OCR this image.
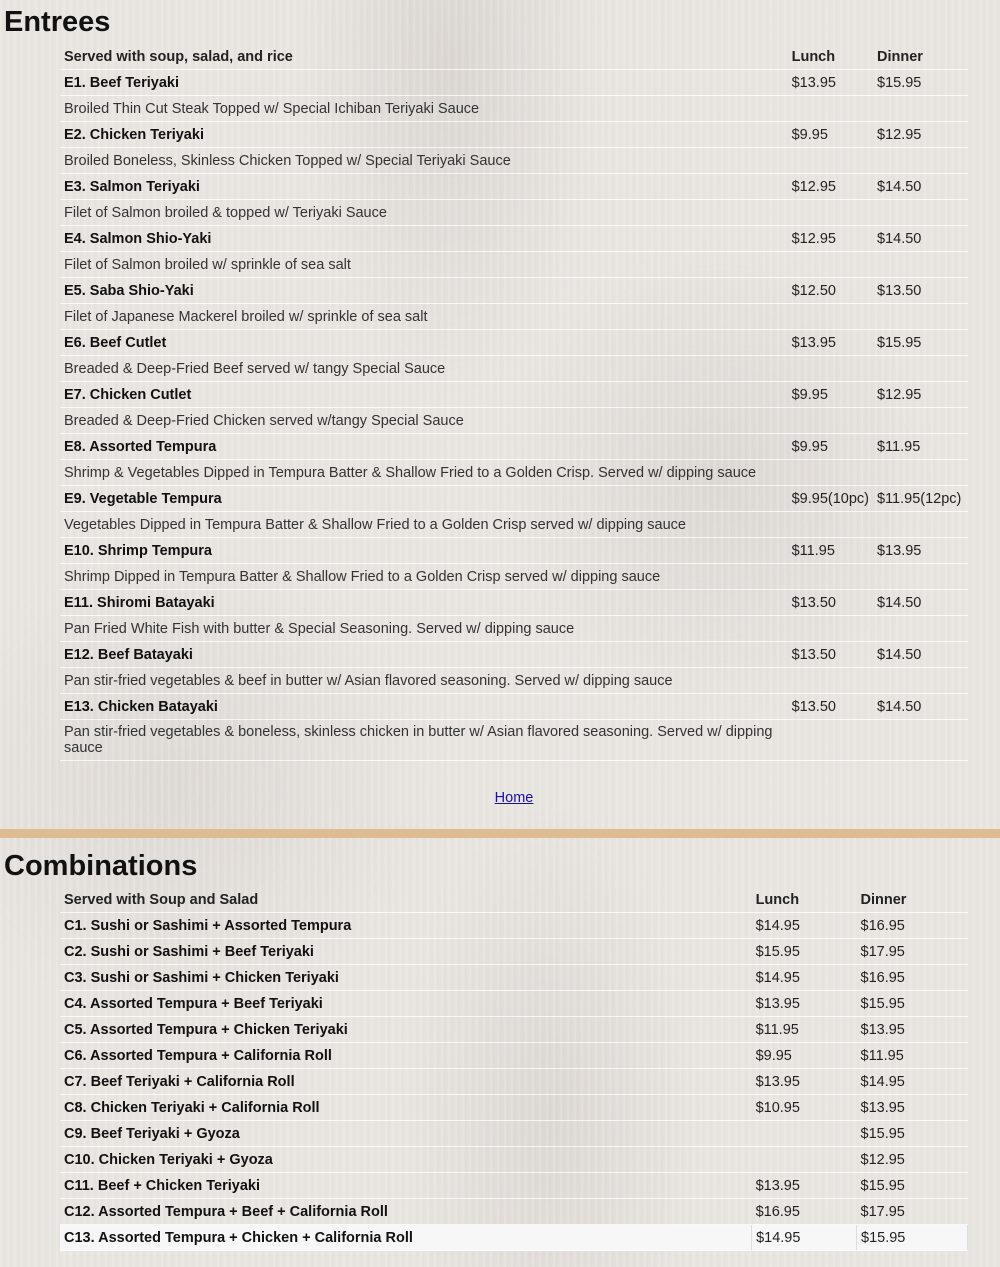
Entrees
Served with soup, salad, and rice	Lunch	Dinner
E1. Beef Teriyaki	$13.95	$15.95
Broiled Thin Cut Steak Topped w/ Special Ichiban Teriyaki Sauce		
E2. Chicken Teriyaki	$9.95	$12.95
Broiled Boneless, Skinless Chicken Topped w/ Special Teriyaki Sauce		
E3. Salmon Teriyaki	$12.95	$14.50
Filet of Salmon broiled & topped w/ Teriyaki Sauce		
E4. Salmon Shio-Yaki	$12.95	$14.50
Filet of Salmon broiled w/ sprinkle of sea salt		
E5. Saba Shio-Yaki	$12.50	$13.50
Filet of Japanese Mackerel broiled w/ sprinkle of sea salt		
E6. Beef Cutlet	$13.95	$15.95
Breaded & Deep-Fried Beef served w/ tangy Special Sauce		
E7. Chicken Cutlet	$9.95	$12.95
Breaded & Deep-Fried Chicken served w/tangy Special Sauce		
E8. Assorted Tempura	$9.95	$11.95
Shrimp & Vegetables Dipped in Tempura Batter & Shallow Fried to a Golden Crisp. Served w/ dipping sauce		
E9. Vegetable Tempura	$9.95(10pc)	$11.95(12pc)
Vegetables Dipped in Tempura Batter & Shallow Fried to a Golden Crisp served w/ dipping sauce		
E10. Shrimp Tempura	$11.95	$13.95
Shrimp Dipped in Tempura Batter & Shallow Fried to a Golden Crisp served w/ dipping sauce		
E11. Shiromi Batayaki	$13.50	$14.50
Pan Fried White Fish with butter & Special Seasoning. Served w/ dipping sauce		
E12. Beef Batayaki	$13.50	$14.50
Pan stir-fried vegetables & beef in butter w/ Asian flavored seasoning. Served w/ dipping sauce		
E13. Chicken Batayaki	$13.50	$14.50
Pan stir-fried vegetables & boneless, skinless chicken in butter w/ Asian flavored seasoning. Served w/ dipping sauce		
Home
Combinations
Served with Soup and Salad	Lunch	Dinner
C1. Sushi or Sashimi + Assorted Tempura	$14.95	$16.95
C2. Sushi or Sashimi + Beef Teriyaki	$15.95	$17.95
C3. Sushi or Sashimi + Chicken Teriyaki	$14.95	$16.95
C4. Assorted Tempura + Beef Teriyaki	$13.95	$15.95
C5. Assorted Tempura + Chicken Teriyaki	$11.95	$13.95
C6. Assorted Tempura + California Roll	$9.95	$11.95
C7. Beef Teriyaki + California Roll	$13.95	$14.95
C8. Chicken Teriyaki + California Roll	$10.95	$13.95
C9. Beef Teriyaki + Gyoza		$15.95
C10. Chicken Teriyaki + Gyoza		$12.95
C11. Beef + Chicken Teriyaki	$13.95	$15.95
C12. Assorted Tempura + Beef + California Roll	$16.95	$17.95
C13. Assorted Tempura + Chicken + California Roll	$14.95	$15.95
